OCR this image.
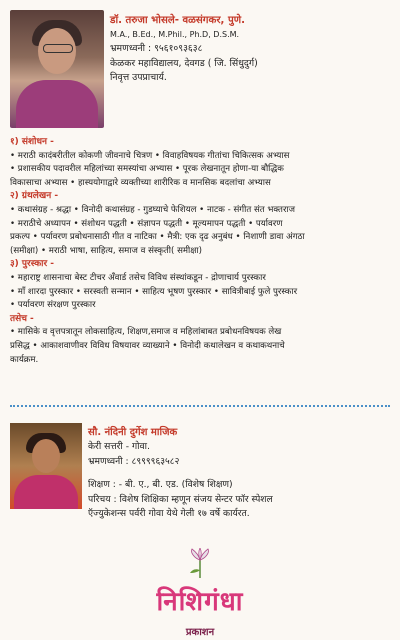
डॉ. तरुजा भोसले- वळसंगकर, पुणे.
M.A., B.Ed., M.Phil., Ph.D, D.S.M.
भ्रमणध्वनी : ९५६१०९३६३८
केळकर महाविद्यालय, देवगड ( जि. सिंधुदुर्ग)
निवृत्त उपप्राचार्य.
१) संशोधन -
• मराठी कादंबरीतील कोकणी जीवनाचे चित्रण • विवाहविषयक गीतांचा चिकित्सक अभ्यास
• प्रशासकीय पदावरील महिलांच्या समस्यांचा अभ्यास • पूरक लेखनातून होणा-या बौद्धिक
विकासाचा अभ्यास • हास्ययोगाद्वारे व्यक्तीच्या शारीरिक व मानसिक बदलांचा अभ्यास
२) ग्रंथलेखन -
• कथासंग्रह - श्रद्धा • विनोदी कथासंग्रह - गुडघ्याचे फेशियल • नाटक - संगीत संत भक्तराज
• मराठीचे अध्यापन • संशोधन पद्धती • संज्ञापन पद्धती • मूल्यमापन पद्धती • पर्यावरण
प्रकल्प • पर्यावरण प्रबोधनासाठी गीत व नाटिका • मैत्री: एक दृढ अनुबंध • निशाणी डावा अंगठा
(समीक्षा) • मराठी भाषा, साहित्य, समाज व संस्कृती( समीक्षा)
३) पुरस्कार -
• महाराष्ट्र शासनाचा बेस्ट टीचर अँवार्ड तसेच विविध संस्थांकडून - द्रोणाचार्य पुरस्कार
• माँ शारदा पुरस्कार • सरस्वती सन्मान • साहित्य भूषण पुरस्कार • सावित्रीबाई फुले पुरस्कार
• पर्यावरण संरक्षण पुरस्कार
तसेच -
• मासिके व वृत्तपत्रातून लोकसाहित्य, शिक्षण,समाज व महिलांबाबत प्रबोधनविषयक लेख
प्रसिद्ध • आकाशवाणीवर विविध विषयावर व्याख्याने • विनोदी कथालेखन व कथाकथनाचे
कार्यक्रम.
सौ. नंदिनी दुर्गेश माजिक
केरी सत्तरी - गोवा.
भ्रमणध्वनी : ८९९९९६३५८२
शिक्षण : - बी. ए., बी. एड. (विशेष शिक्षण)
परिचय : विशेष शिक्षिका म्हणून संजय सेन्टर फॉर स्पेशल
ऍज्युकेशन्स पर्वरी गोवा येथे गेली १७ वर्षे कार्यरत.
निशिगंधा
प्रकाशन
